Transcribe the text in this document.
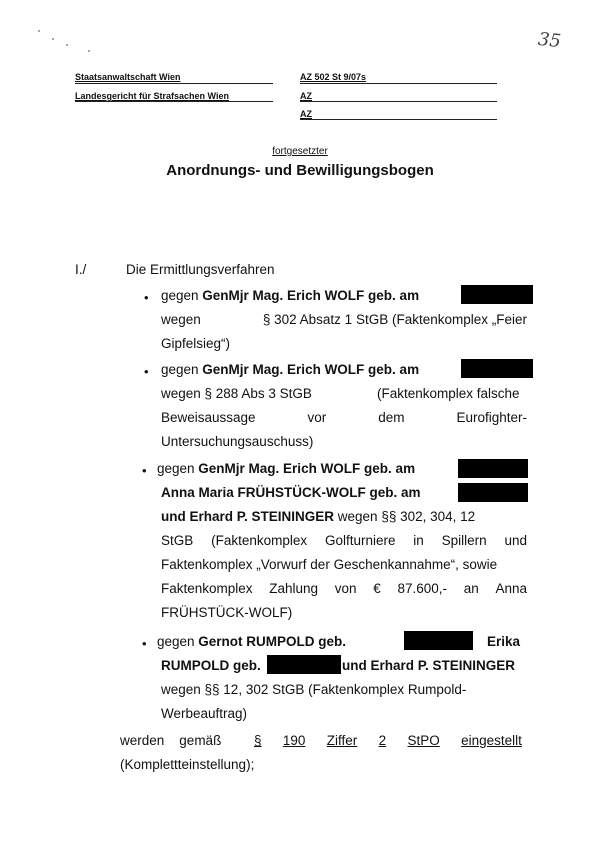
35
Staatsanwaltschaft Wien
Landesgericht für Strafsachen Wien
AZ 502 St 9/07s
AZ
AZ
fortgesetzter
Anordnungs- und Bewilligungsbogen
I./	Die Ermittlungsverfahren
• gegen GenMjr Mag. Erich WOLF geb. am
wegen	§ 302 Absatz 1 StGB (Faktenkomplex „Feier
Gipfelsieg“)
• gegen GenMjr Mag. Erich WOLF geb. am
wegen § 288 Abs 3 StGB	(Faktenkomplex falsche
Beweisaussage	vor	dem	Eurofighter-
Untersuchungsauschuss)
• gegen GenMjr Mag. Erich WOLF geb. am
Anna Maria FRÜHSTÜCK-WOLF geb. am
und Erhard P. STEININGER wegen §§ 302, 304, 12
StGB (Faktenkomplex Golfturniere in Spillern und
Faktenkomplex „Vorwurf der Geschenkannahme“, sowie
Faktenkomplex Zahlung von € 87.600,- an Anna
FRÜHSTÜCK-WOLF)
• gegen Gernot RUMPOLD geb.	Erika
RUMPOLD geb.	und Erhard P. STEININGER
wegen §§ 12, 302 StGB (Faktenkomplex Rumpold-
Werbeauftrag)
werden gemäß § 190 Ziffer 2 StPO eingestellt
(Komplettteinstellung);
